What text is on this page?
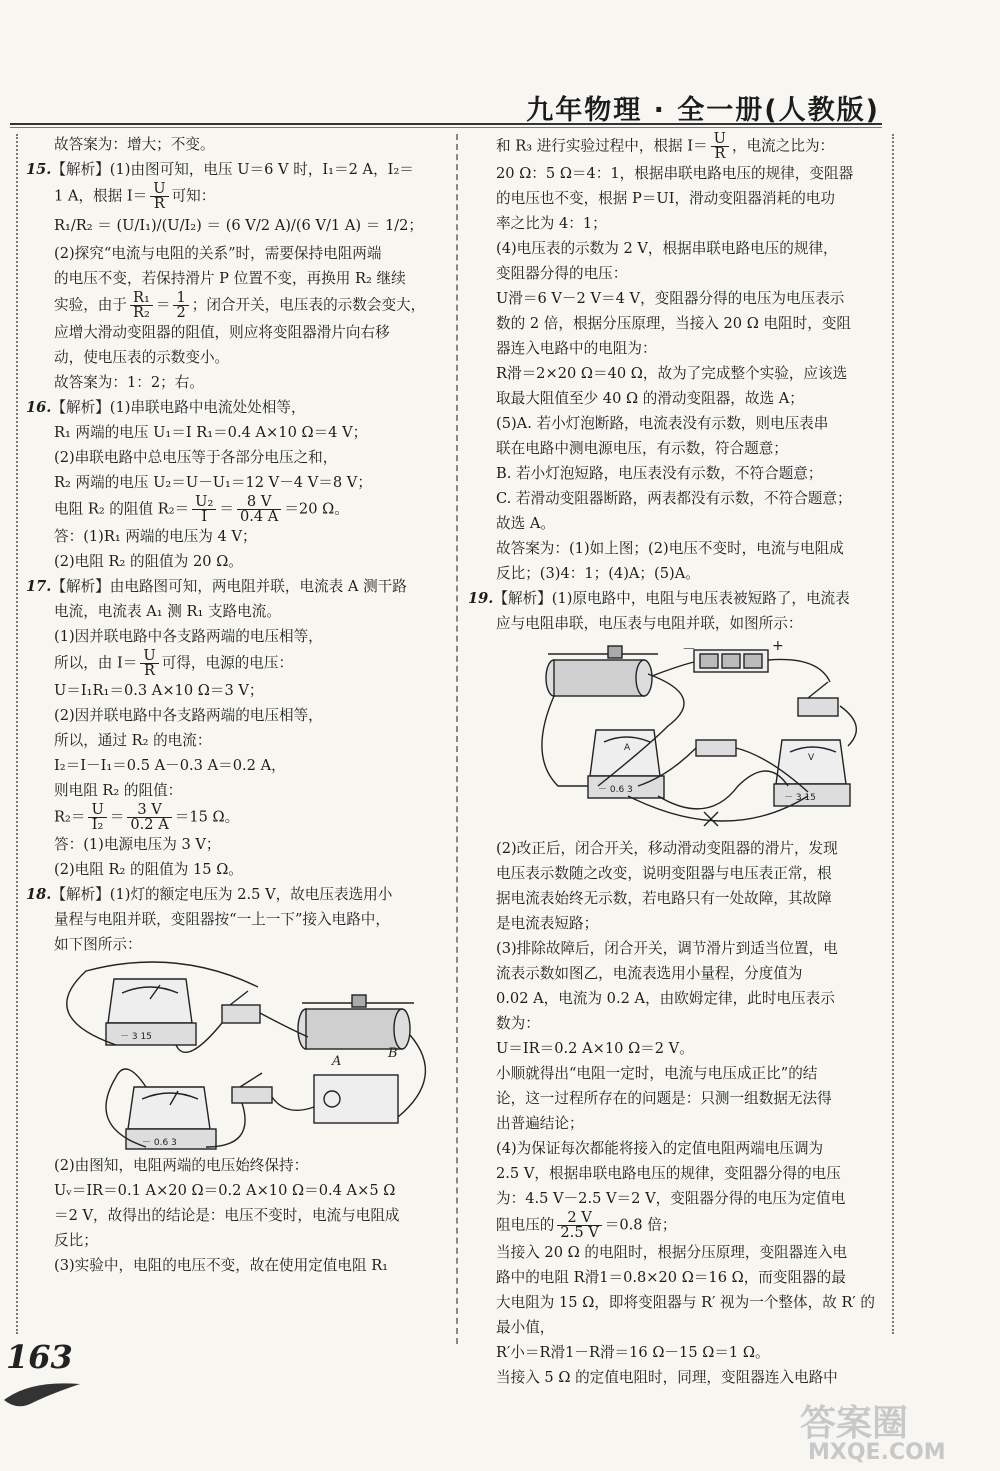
九年物理 · 全一册(人教版)

故答案为：增大；不变。

15.【解析】(1)由图可知，电压 U＝6 V 时，I₁＝2 A，I₂＝

1 A，根据 $I= \frac{U}{R}$ 可知：

R₁/R₂ ＝ (U/I₁)/(U/I₂) ＝ (6 V/2 A)/(6 V/1 A) ＝ 1/2；

(2)探究“电流与电阻的关系”时，需要保持电阻两端

的电压不变，若保持滑片 P 位置不变，再换用 R₂ 继续

实验，由于 $\frac{\text{R₁}}{\text{R₂}} = \frac{1}{2}$ ；闭合开关，电压表的示数会变大，

应增大滑动变阻器的阻值，则应将变阻器滑片向右移

动，使电压表的示数变小。

故答案为：1：2；右。

16.【解析】(1)串联电路中电流处处相等，

R₁ 两端的电压 U₁＝I R₁＝0.4 A×10 Ω＝4 V；

(2)串联电路中总电压等于各部分电压之和，

R₂ 两端的电压 U₂＝U－U₁＝12 V－4 V＝8 V；

电阻 R₂ 的阻值 $R_2= \frac{\text{U₂}}{I} = \frac{8 V}{0.4 A} =20$ Ω。

答：(1)R₁ 两端的电压为 4 V；

(2)电阻 R₂ 的阻值为 20 Ω。

17.【解析】由电路图可知，两电阻并联，电流表 A 测干路

电流，电流表 A₁ 测 R₁ 支路电流。

(1)因并联电路中各支路两端的电压相等，

所以，由 $I= \frac{U}{R}$ 可得，电源的电压：

U＝I₁R₁＝0.3 A×10 Ω＝3 V；

(2)因并联电路中各支路两端的电压相等，

所以，通过 R₂ 的电流：

I₂＝I－I₁＝0.5 A－0.3 A＝0.2 A，

则电阻 R₂ 的阻值：

$R_2= \frac{U}{\text{I₂}} = \frac{3 V}{0.2 A} =15$ Ω。

答：(1)电源电压为 3 V；

(2)电阻 R₂ 的阻值为 15 Ω。

18.【解析】(1)灯的额定电压为 2.5 V，故电压表选用小

量程与电阻并联，变阻器按“一上一下”接入电路中，

如下图所示：

－ 3 15
－ 0.6 3
A
B

(2)由图知，电阻两端的电压始终保持：

Uᵥ＝IR＝0.1 A×20 Ω＝0.2 A×10 Ω＝0.4 A×5 Ω

＝2 V，故得出的结论是：电压不变时，电流与电阻成

反比；

(3)实验中，电阻的电压不变，故在使用定值电阻 R₁

和 R₃ 进行实验过程中，根据 $I= \frac{U}{R}$ ，电流之比为：

20 Ω：5 Ω＝4：1，根据串联电路电压的规律，变阻器

的电压也不变，根据 P＝UI，滑动变阻器消耗的电功

率之比为 4：1；

(4)电压表的示数为 2 V，根据串联电路电压的规律，

变阻器分得的电压：

U滑＝6 V－2 V＝4 V，变阻器分得的电压为电压表示

数的 2 倍，根据分压原理，当接入 20 Ω 电阻时，变阻

器连入电路中的电阻为：

R滑＝2×20 Ω＝40 Ω，故为了完成整个实验，应该选

取最大阻值至少 40 Ω 的滑动变阻器，故选 A；

(5)A. 若小灯泡断路，电流表没有示数，则电压表串

联在电路中测电源电压，有示数，符合题意；

B. 若小灯泡短路，电压表没有示数，不符合题意；

C. 若滑动变阻器断路，两表都没有示数，不符合题意；

故选 A。

故答案为：(1)如上图；(2)电压不变时，电流与电阻成

反比；(3)4：1；(4)A；(5)A。

19.【解析】(1)原电路中，电阻与电压表被短路了，电流表

应与电阻串联，电压表与电阻并联，如图所示：

－	+
A
V
－ 0.6 3
－ 3 15

(2)改正后，闭合开关，移动滑动变阻器的滑片，发现

电压表示数随之改变，说明变阻器与电压表正常，根

据电流表始终无示数，若电路只有一处故障，其故障

是电流表短路；

(3)排除故障后，闭合开关，调节滑片到适当位置，电

流表示数如图乙，电流表选用小量程，分度值为

0.02 A，电流为 0.2 A，由欧姆定律，此时电压表示

数为：

U＝IR＝0.2 A×10 Ω＝2 V。

小顺就得出“电阻一定时，电流与电压成正比”的结

论，这一过程所存在的问题是：只测一组数据无法得

出普遍结论；

(4)为保证每次都能将接入的定值电阻两端电压调为

2.5 V，根据串联电路电压的规律，变阻器分得的电压

为：4.5 V－2.5 V＝2 V，变阻器分得的电压为定值电

阻电压的 $\frac{2 V}{2.5 V} =0.8$ 倍；

当接入 20 Ω 的电阻时，根据分压原理，变阻器连入电

路中的电阻 R滑1＝0.8×20 Ω＝16 Ω，而变阻器的最

大电阻为 15 Ω，即将变阻器与 R′ 视为一个整体，故 R′ 的

最小值，

R′小＝R滑1－R滑＝16 Ω－15 Ω＝1 Ω。

当接入 5 Ω 的定值电阻时，同理，变阻器连入电路中

163
答案圈
MXQE.COM
